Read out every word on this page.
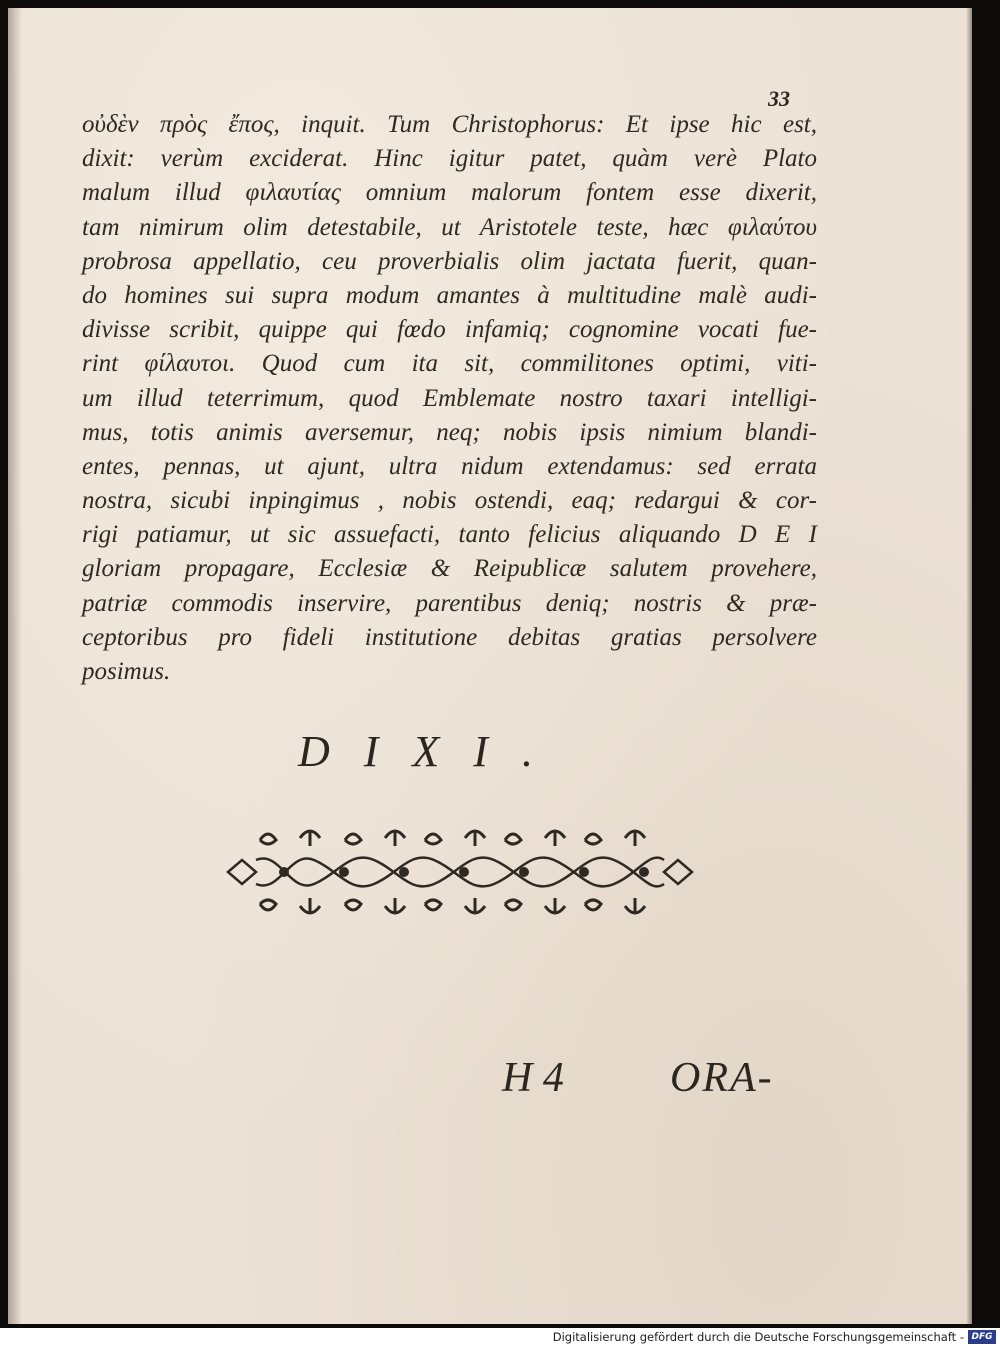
33
οὐδὲν πρὸς ἔπος, inquit. Tum Christophorus: Et ipse hic est,
dixit: verùm exciderat. Hinc igitur patet, quàm verè Plato
malum illud φιλαυτίας omnium malorum fontem esse dixerit,
tam nimirum olim detestabile, ut Aristotele teste, hæc φιλαύτου
probrosa appellatio, ceu proverbialis olim jactata fuerit, quan-
do homines sui supra modum amantes à multitudine malè audi-
divisse scribit, quippe qui fœdo infamiq; cognomine vocati fue-
rint φίλαυτοι. Quod cum ita sit, commilitones optimi, viti-
um illud teterrimum, quod Emblemate nostro taxari intelligi-
mus, totis animis aversemur, neq; nobis ipsis nimium blandi-
entes, pennas, ut ajunt, ultra nidum extendamus: sed errata
nostra, sicubi inpingimus , nobis ostendi, eaq; redargui & cor-
rigi patiamur, ut sic assuefacti, tanto felicius aliquando D E I
gloriam propagare, Ecclesiæ & Reipublicæ salutem provehere,
patriæ commodis inservire, parentibus deniq; nostris & præ-
ceptoribus pro fideli institutione debitas gratias persolvere
posimus.
DIXI.
H 4	ORA-
Digitalisierung gefördert durch die Deutsche Forschungsgemeinschaft - DFG
